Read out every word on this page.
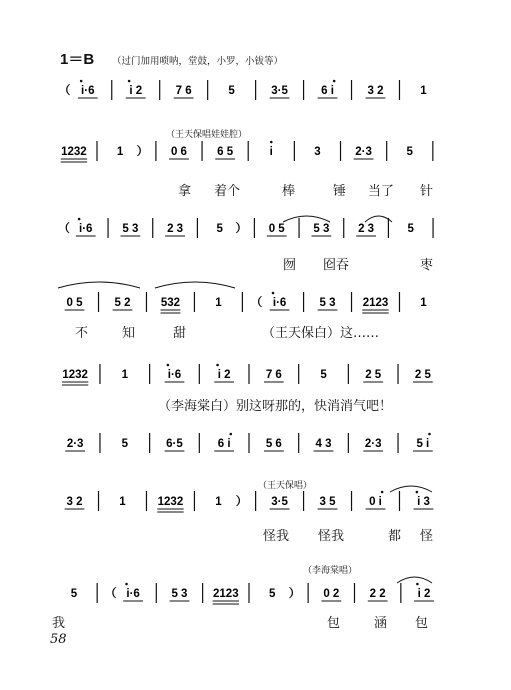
1＝B （过门加用唢呐，堂鼓，小罗，小钹等）
（ i·6	i 2	7 6	5	3·5	6 i	3 2	1
1232	1 ） 0 6	6 5	i	3	2·3	5
（ i·6	5 3 2 3	5 ） 0 5 5 3 2 3	5
0 5	5 2	532	1	（ i·6	5 3 2123	1
1232	1	i·6	i 2	7 6	5	2 5	2 5
2·3	5	6·5	6 i	5 6	4 3	2·3	5 i
3 2	1	1232	1 ） 3·5	3 5	0 i	i 3
5 （ i·6	5 3 2123	5 ） 0 2	2 2	i 2
（王天保唱娃娃腔）
（王天保唱）
（李海棠唱）
拿 着个	棒	锤 当了 针
囫 囵吞	枣
不	知	甜	（王天保白）这……
（李海棠白）别这呀那的，快消消气吧！
怪我 怪我	都 怪
我	包	涵 包
58
